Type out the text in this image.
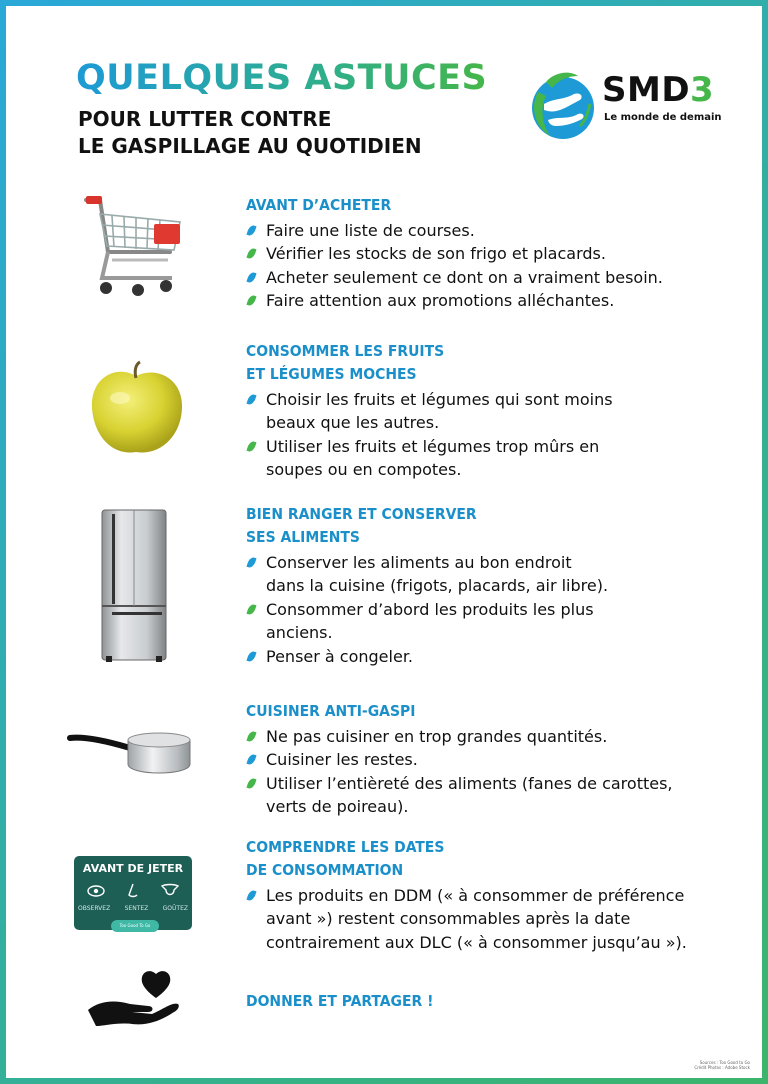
QUELQUES ASTUCES
POUR LUTTER CONTRE
LE GASPILLAGE AU QUOTIDIEN
SMD3
Le monde de demain
AVANT DE JETER
OBSERVEZ SENTEZ GOÛTEZ
Too Good To Go
AVANT D’ACHETER
Faire une liste de courses.
Vérifier les stocks de son frigo et placards.
Acheter seulement ce dont on a vraiment besoin.
Faire attention aux promotions alléchantes.
CONSOMMER LES FRUITS
ET LÉGUMES MOCHES
Choisir les fruits et légumes qui sont moins
beaux que les autres.
Utiliser les fruits et légumes trop mûrs en
soupes ou en compotes.
BIEN RANGER ET CONSERVER
SES ALIMENTS
Conserver les aliments au bon endroit
dans la cuisine (frigots, placards, air libre).
Consommer d’abord les produits les plus
anciens.
Penser à congeler.
CUISINER ANTI-GASPI
Ne pas cuisiner en trop grandes quantités.
Cuisiner les restes.
Utiliser l’entièreté des aliments (fanes de carottes,
verts de poireau).
COMPRENDRE LES DATES
DE CONSOMMATION
Les produits en DDM (« à consommer de préférence
avant ») restent consommables après la date
contrairement aux DLC (« à consommer jusqu’au »).
DONNER ET PARTAGER !
Sources : Too Good to Go
Crédit Photos : Adobe Stock
